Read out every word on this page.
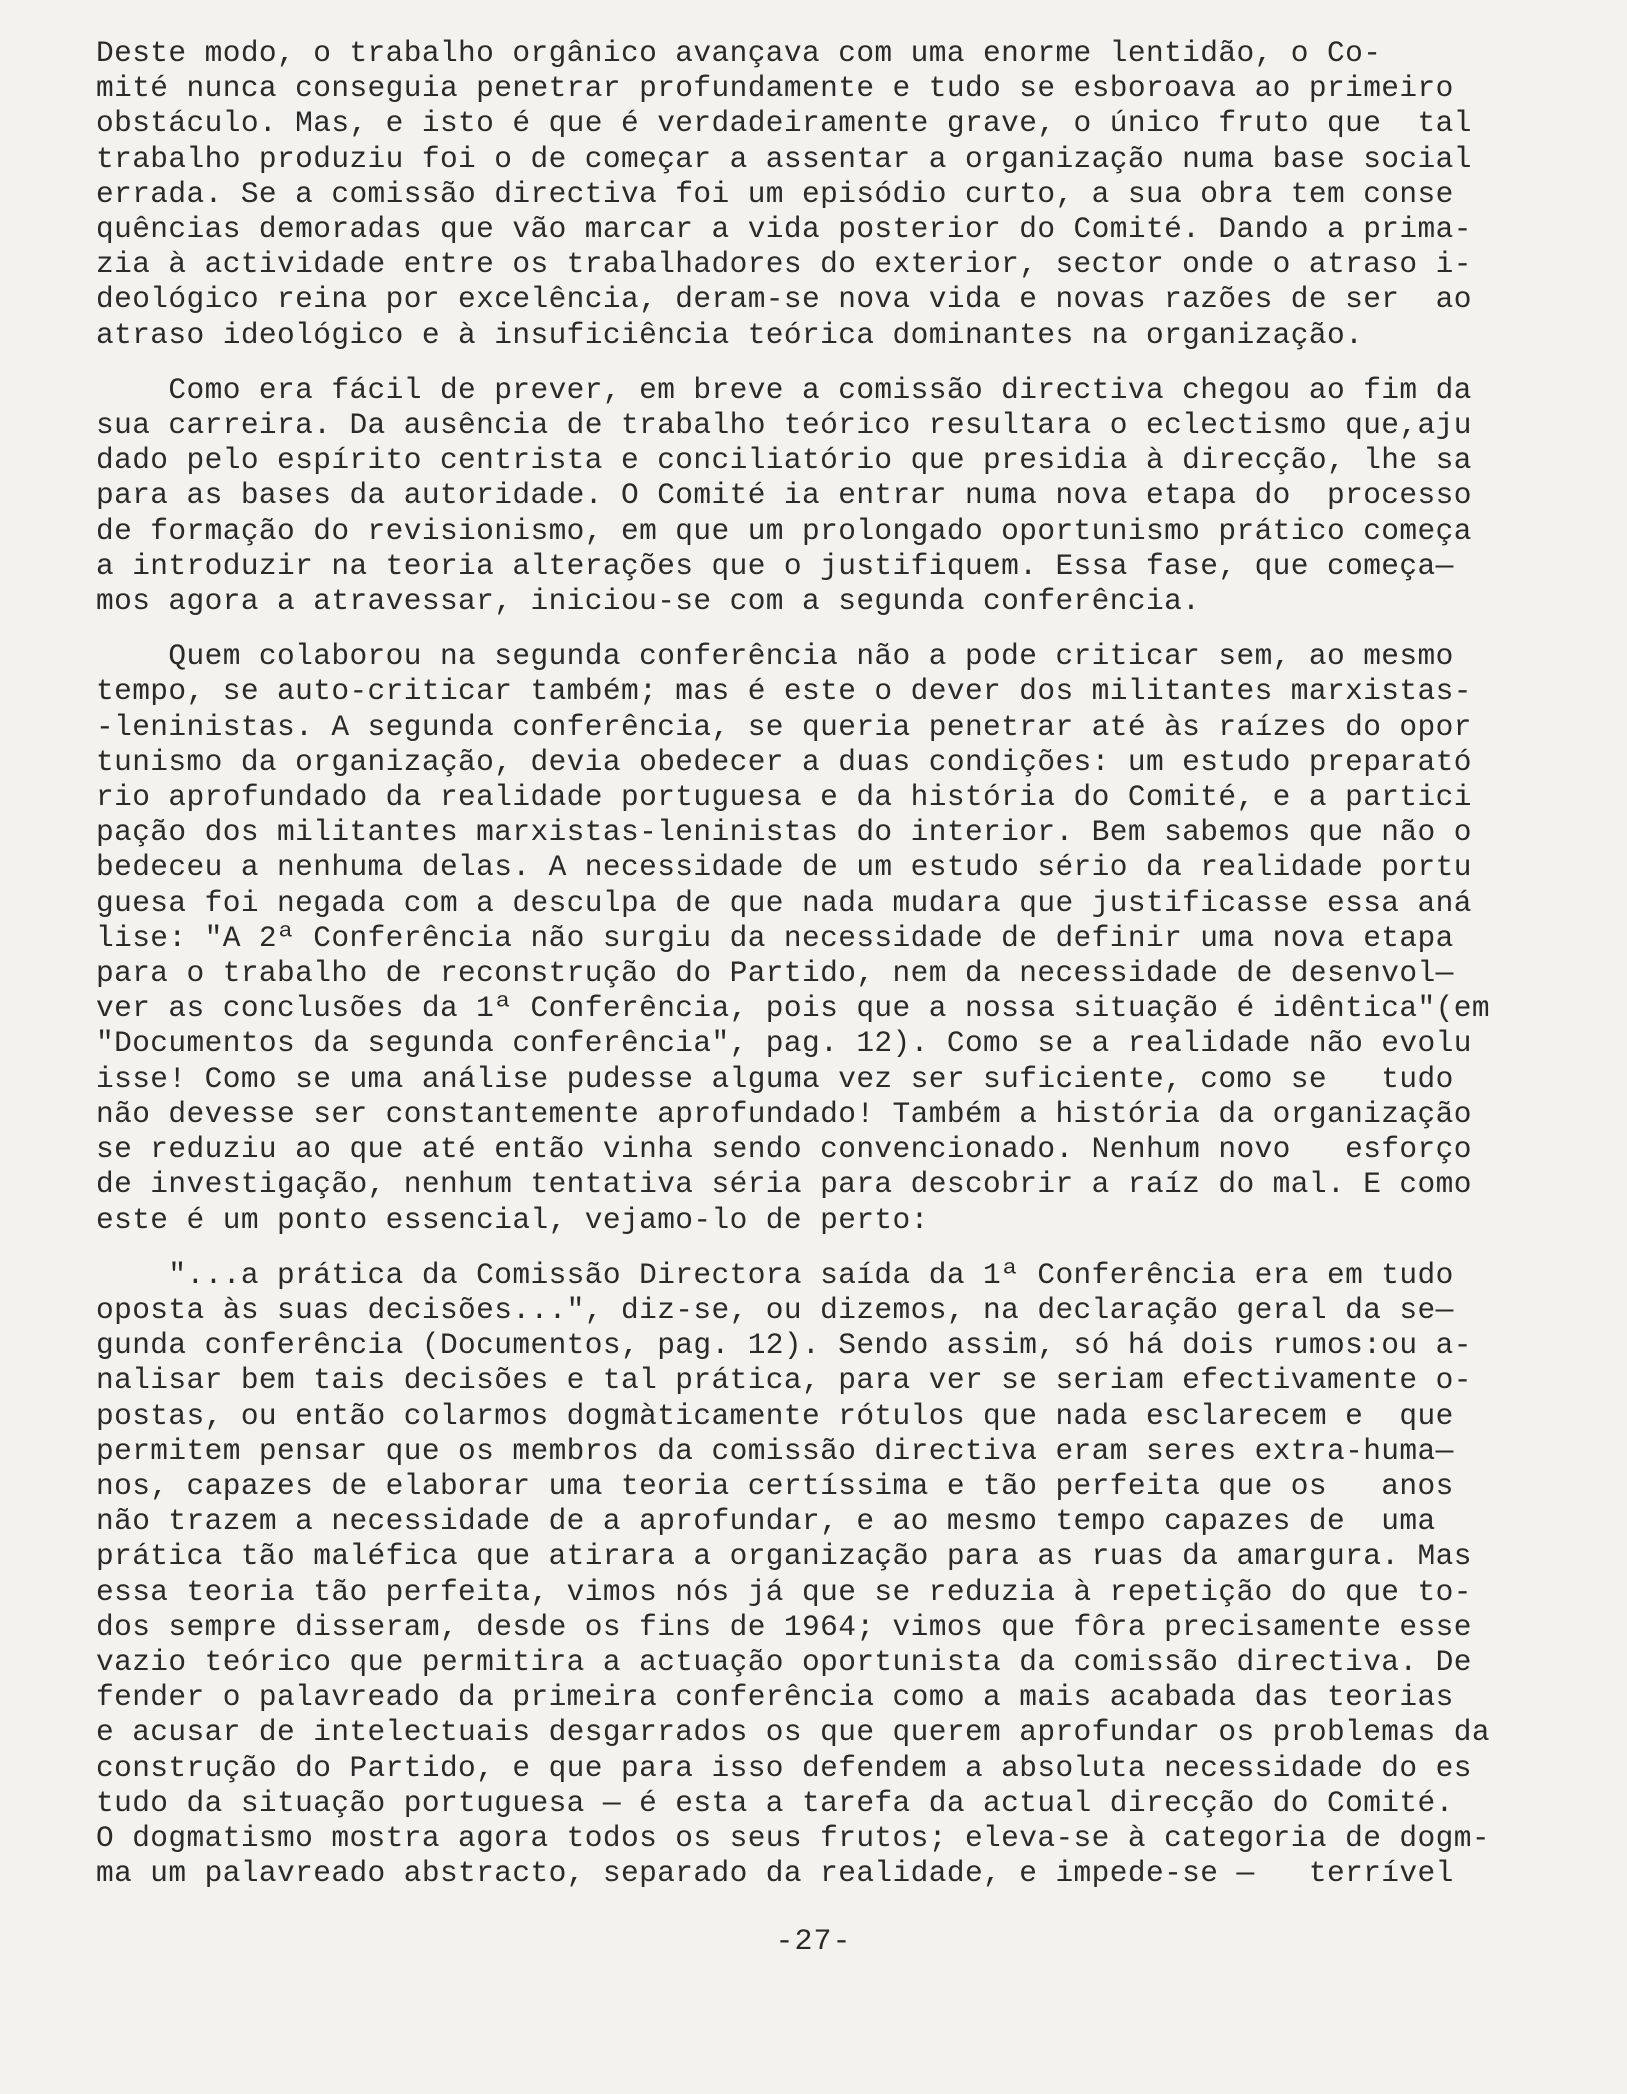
Deste modo, o trabalho orgânico avançava com uma enorme lentidão, o Co-
mité nunca conseguia penetrar profundamente e tudo se esboroava ao primeiro
obstáculo. Mas, e isto é que é verdadeiramente grave, o único fruto que  tal
trabalho produziu foi o de começar a assentar a organização numa base social
errada. Se a comissão directiva foi um episódio curto, a sua obra tem conse
quências demoradas que vão marcar a vida posterior do Comité. Dando a prima-
zia à actividade entre os trabalhadores do exterior, sector onde o atraso i-
deológico reina por excelência, deram-se nova vida e novas razões de ser  ao
atraso ideológico e à insuficiência teórica dominantes na organização.
Como era fácil de prever, em breve a comissão directiva chegou ao fim da
sua carreira. Da ausência de trabalho teórico resultara o eclectismo que,aju
dado pelo espírito centrista e conciliatório que presidia à direcção, lhe sa
para as bases da autoridade. O Comité ia entrar numa nova etapa do  processo
de formação do revisionismo, em que um prolongado oportunismo prático começa
a introduzir na teoria alterações que o justifiquem. Essa fase, que começa—
mos agora a atravessar, iniciou-se com a segunda conferência.
Quem colaborou na segunda conferência não a pode criticar sem, ao mesmo
tempo, se auto-criticar também; mas é este o dever dos militantes marxistas-
-leninistas. A segunda conferência, se queria penetrar até às raízes do opor
tunismo da organização, devia obedecer a duas condições: um estudo preparató
rio aprofundado da realidade portuguesa e da história do Comité, e a partici
pação dos militantes marxistas-leninistas do interior. Bem sabemos que não o
bedeceu a nenhuma delas. A necessidade de um estudo sério da realidade portu
guesa foi negada com a desculpa de que nada mudara que justificasse essa aná
lise: "A 2ª Conferência não surgiu da necessidade de definir uma nova etapa
para o trabalho de reconstrução do Partido, nem da necessidade de desenvol—
ver as conclusões da 1ª Conferência, pois que a nossa situação é idêntica"(em
"Documentos da segunda conferência", pag. 12). Como se a realidade não evolu
isse! Como se uma análise pudesse alguma vez ser suficiente, como se   tudo
não devesse ser constantemente aprofundado! Também a história da organização
se reduziu ao que até então vinha sendo convencionado. Nenhum novo   esforço
de investigação, nenhum tentativa séria para descobrir a raíz do mal. E como
este é um ponto essencial, vejamo-lo de perto:
"...a prática da Comissão Directora saída da 1ª Conferência era em tudo
oposta às suas decisões...", diz-se, ou dizemos, na declaração geral da se—
gunda conferência (Documentos, pag. 12). Sendo assim, só há dois rumos:ou a-
nalisar bem tais decisões e tal prática, para ver se seriam efectivamente o-
postas, ou então colarmos dogmàticamente rótulos que nada esclarecem e  que
permitem pensar que os membros da comissão directiva eram seres extra-huma—
nos, capazes de elaborar uma teoria certíssima e tão perfeita que os   anos
não trazem a necessidade de a aprofundar, e ao mesmo tempo capazes de  uma
prática tão maléfica que atirara a organização para as ruas da amargura. Mas
essa teoria tão perfeita, vimos nós já que se reduzia à repetição do que to-
dos sempre disseram, desde os fins de 1964; vimos que fôra precisamente esse
vazio teórico que permitira a actuação oportunista da comissão directiva. De
fender o palavreado da primeira conferência como a mais acabada das teorias
e acusar de intelectuais desgarrados os que querem aprofundar os problemas da
construção do Partido, e que para isso defendem a absoluta necessidade do es
tudo da situação portuguesa — é esta a tarefa da actual direcção do Comité.
O dogmatismo mostra agora todos os seus frutos; eleva-se à categoria de dogm-
ma um palavreado abstracto, separado da realidade, e impede-se —   terrível
-27-
